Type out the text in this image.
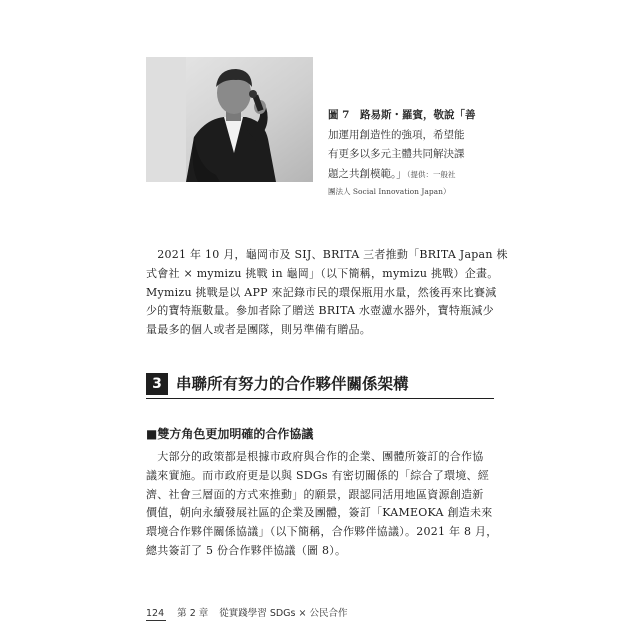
圖 7　路易斯・羅賓，敬說「善
加運用創造性的強項，希望能
有更多以多元主體共同解決課
題之共創模範。」（提供：一般社
團法人 Social Innovation Japan）
　2021 年 10 月，龜岡市及 SIJ、BRITA 三者推動「BRITA Japan 株
式會社 × mymizu 挑戰 in 龜岡」（以下簡稱，mymizu 挑戰）企畫。
Mymizu 挑戰是以 APP 來記錄市民的環保瓶用水量，然後再來比賽減
少的寶特瓶數量。參加者除了贈送 BRITA 水壺濾水器外，寶特瓶減少
量最多的個人或者是團隊，則另準備有贈品。
3 串聯所有努力的合作夥伴關係架構
■雙方角色更加明確的合作協議
　大部分的政策都是根據市政府與合作的企業、團體所簽訂的合作協
議來實施。而市政府更是以與 SDGs 有密切關係的「綜合了環境、經
濟、社會三層面的方式來推動」的願景，跟認同活用地區資源創造新
價值，朝向永續發展社區的企業及團體，簽訂「KAMEOKA 創造未來
環境合作夥伴關係協議」（以下簡稱，合作夥伴協議）。2021 年 8 月，
總共簽訂了 5 份合作夥伴協議（圖 8）。
124 第 2 章 從實踐學習 SDGs × 公民合作
